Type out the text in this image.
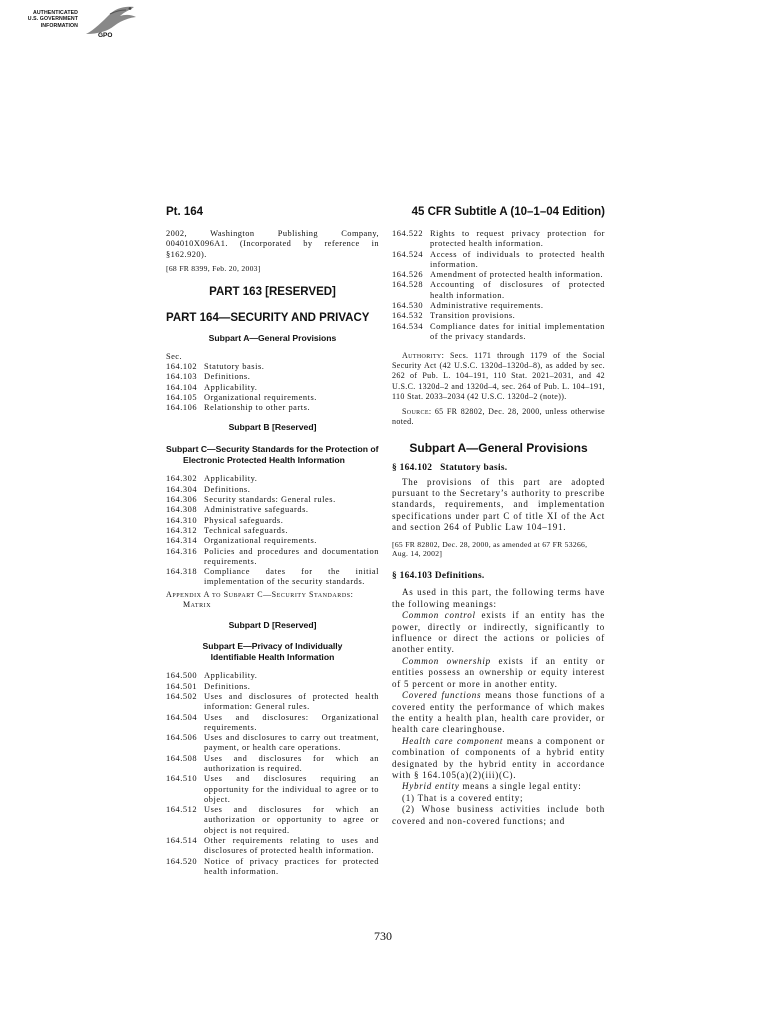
AUTHENTICATED
U.S. GOVERNMENT
INFORMATION
GPO
Pt. 164	45 CFR Subtitle A (10–1–04 Edition)

2002, Washington Publishing Company, 004010X096A1. (Incorporated by reference in §162.920).

[68 FR 8399, Feb. 20, 2003]

PART 163 [RESERVED]
PART 164—SECURITY AND PRIVACY
Subpart A—General Provisions
Sec.
164.102 Statutory basis.
164.103 Definitions.
164.104 Applicability.
164.105 Organizational requirements.
164.106 Relationship to other parts.
Subpart B [Reserved]
Subpart C—Security Standards for the Protection of Electronic Protected Health Information
164.302 Applicability.
164.304 Definitions.
164.306 Security standards: General rules.
164.308 Administrative safeguards.
164.310 Physical safeguards.
164.312 Technical safeguards.
164.314 Organizational requirements.
164.316 Policies and procedures and documentation requirements.
164.318 Compliance dates for the initial implementation of the security standards.
Appendix A to Subpart C—Security Standards: Matrix
Subpart D [Reserved]
Subpart E—Privacy of Individually Identifiable Health Information
164.500 Applicability.
164.501 Definitions.
164.502 Uses and disclosures of protected health information: General rules.
164.504 Uses and disclosures: Organizational requirements.
164.506 Uses and disclosures to carry out treatment, payment, or health care operations.
164.508 Uses and disclosures for which an authorization is required.
164.510 Uses and disclosures requiring an opportunity for the individual to agree or to object.
164.512 Uses and disclosures for which an authorization or opportunity to agree or object is not required.
164.514 Other requirements relating to uses and disclosures of protected health information.
164.520 Notice of privacy practices for protected health information.
164.522 Rights to request privacy protection for protected health information.
164.524 Access of individuals to protected health information.
164.526 Amendment of protected health information.
164.528 Accounting of disclosures of protected health information.
164.530 Administrative requirements.
164.532 Transition provisions.
164.534 Compliance dates for initial implementation of the privacy standards.

Authority: Secs. 1171 through 1179 of the Social Security Act (42 U.S.C. 1320d–1320d–8), as added by sec. 262 of Pub. L. 104–191, 110 Stat. 2021–2031, and 42 U.S.C. 1320d–2 and 1320d–4, sec. 264 of Pub. L. 104–191, 110 Stat. 2033–2034 (42 U.S.C. 1320d–2 (note)).

Source: 65 FR 82802, Dec. 28, 2000, unless otherwise noted.

Subpart A—General Provisions
§ 164.102   Statutory basis.

The provisions of this part are adopted pursuant to the Secretary’s authority to prescribe standards, requirements, and implementation specifications under part C of title XI of the Act and section 264 of Public Law 104–191.

[65 FR 82802, Dec. 28, 2000, as amended at 67 FR 53266, Aug. 14, 2002]

§ 164.103 Definitions.

As used in this part, the following terms have the following meanings:

Common control exists if an entity has the power, directly or indirectly, significantly to influence or direct the actions or policies of another entity.

Common ownership exists if an entity or entities possess an ownership or equity interest of 5 percent or more in another entity.

Covered functions means those functions of a covered entity the performance of which makes the entity a health plan, health care provider, or health care clearinghouse.

Health care component means a component or combination of components of a hybrid entity designated by the hybrid entity in accordance with § 164.105(a)(2)(iii)(C).

Hybrid entity means a single legal entity:

(1) That is a covered entity;

(2) Whose business activities include both covered and non-covered functions; and

730
